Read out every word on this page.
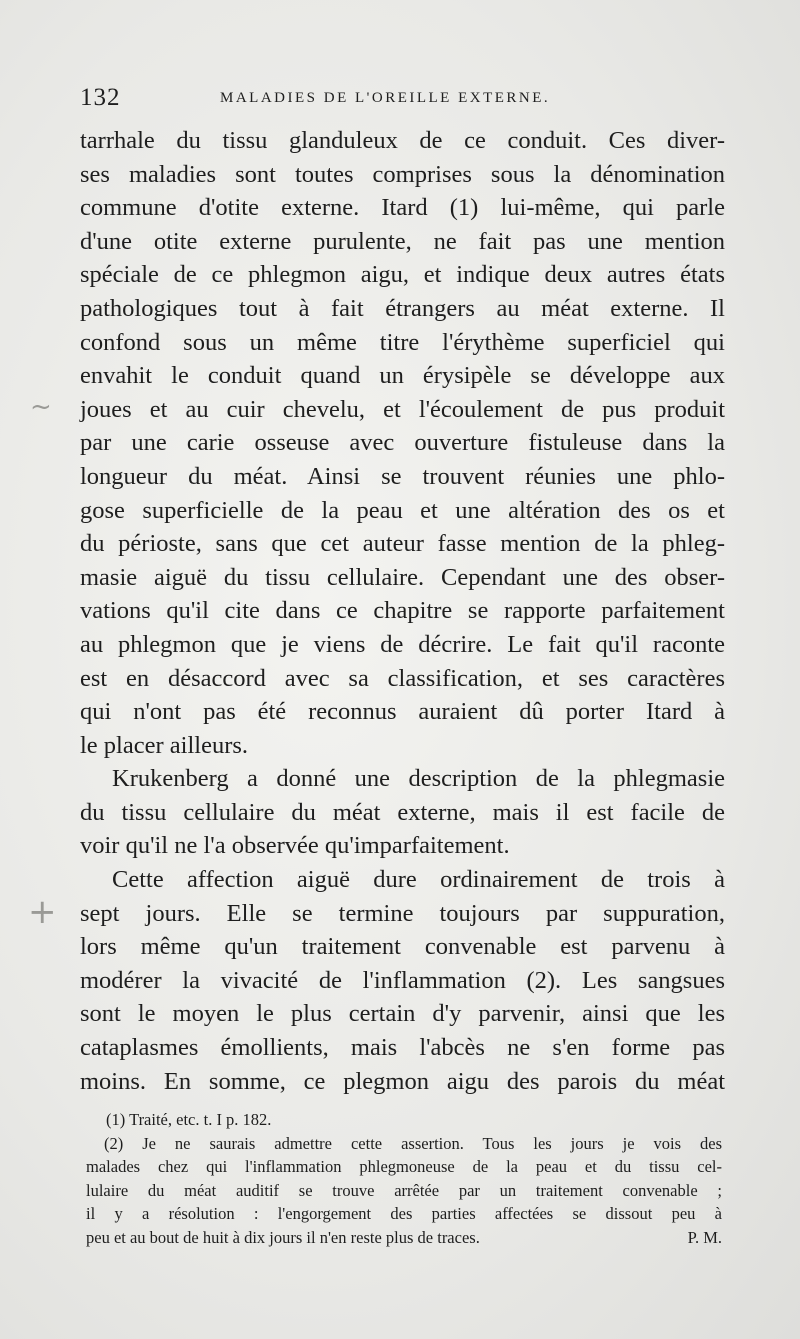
132	MALADIES DE L'OREILLE EXTERNE.
~
+
tarrhale du tissu glanduleux de ce conduit. Ces diver-
ses maladies sont toutes comprises sous la dénomination
commune d'otite externe. Itard (1) lui-même, qui parle
d'une otite externe purulente, ne fait pas une mention
spéciale de ce phlegmon aigu, et indique deux autres états
pathologiques tout à fait étrangers au méat externe. Il
confond sous un même titre l'érythème superficiel qui
envahit le conduit quand un érysipèle se développe aux
joues et au cuir chevelu, et l'écoulement de pus produit
par une carie osseuse avec ouverture fistuleuse dans la
longueur du méat. Ainsi se trouvent réunies une phlo-
gose superficielle de la peau et une altération des os et
du périoste, sans que cet auteur fasse mention de la phleg-
masie aiguë du tissu cellulaire. Cependant une des obser-
vations qu'il cite dans ce chapitre se rapporte parfaitement
au phlegmon que je viens de décrire. Le fait qu'il raconte
est en désaccord avec sa classification, et ses caractères
qui n'ont pas été reconnus auraient dû porter Itard à
le placer ailleurs.
Krukenberg a donné une description de la phlegmasie
du tissu cellulaire du méat externe, mais il est facile de
voir qu'il ne l'a observée qu'imparfaitement.
Cette affection aiguë dure ordinairement de trois à
sept jours. Elle se termine toujours par suppuration,
lors même qu'un traitement convenable est parvenu à
modérer la vivacité de l'inflammation (2). Les sangsues
sont le moyen le plus certain d'y parvenir, ainsi que les
cataplasmes émollients, mais l'abcès ne s'en forme pas
moins. En somme, ce plegmon aigu des parois du méat
(1) Traité, etc. t. I p. 182.
(2) Je ne saurais admettre cette assertion. Tous les jours je vois des
malades chez qui l'inflammation phlegmoneuse de la peau et du tissu cel-
lulaire du méat auditif se trouve arrêtée par un traitement convenable ;
il y a résolution : l'engorgement des parties affectées se dissout peu à
peu et au bout de huit à dix jours il n'en reste plus de traces.	P. M.
